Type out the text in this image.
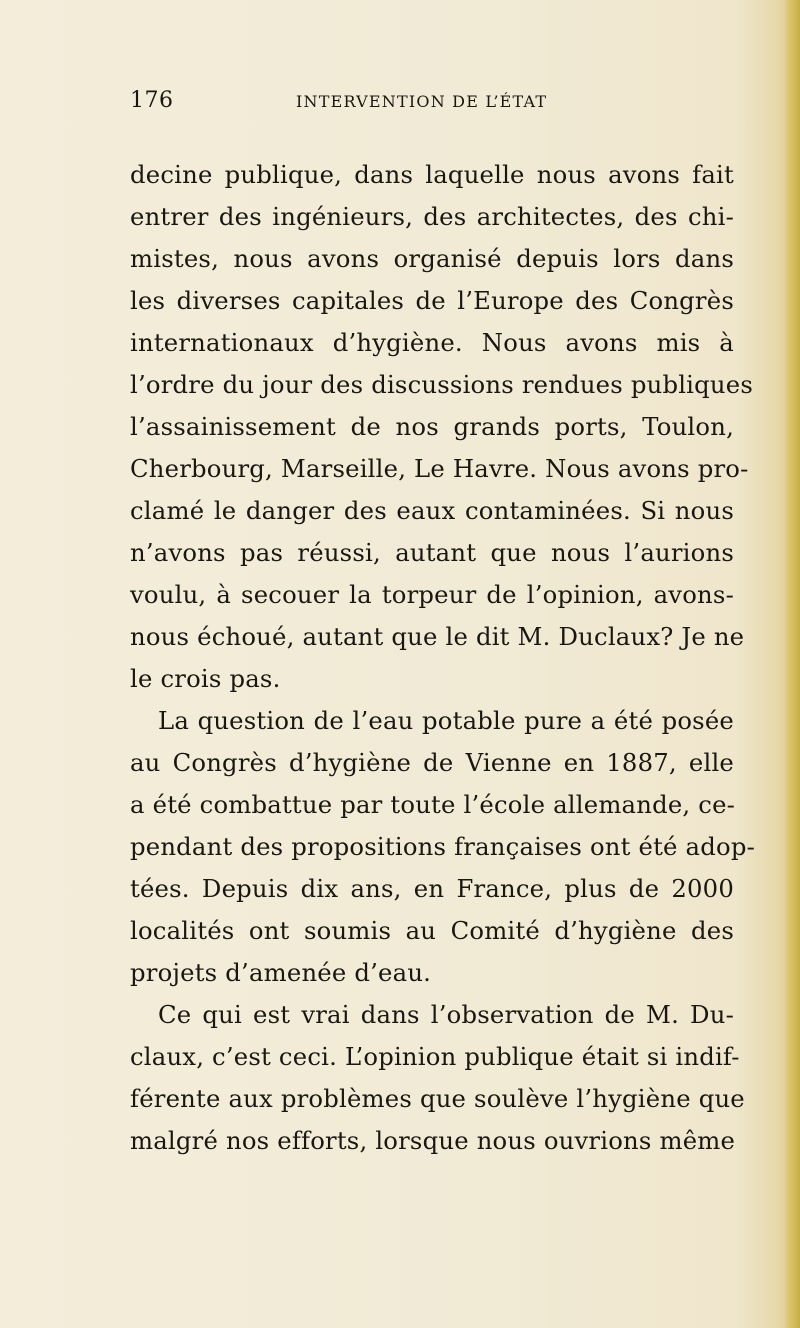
176	INTERVENTION DE L’ÉTAT
decine publique, dans laquelle nous avons fait
entrer des ingénieurs, des architectes, des chi-
mistes, nous avons organisé depuis lors dans
les diverses capitales de l’Europe des Congrès
internationaux d’hygiène. Nous avons mis à
l’ordre du jour des discussions rendues publiques
l’assainissement de nos grands ports, Toulon,
Cherbourg, Marseille, Le Havre. Nous avons pro-
clamé le danger des eaux contaminées. Si nous
n’avons pas réussi, autant que nous l’aurions
voulu, à secouer la torpeur de l’opinion, avons-
nous échoué, autant que le dit M. Duclaux? Je ne
le crois pas.
La question de l’eau potable pure a été posée
au Congrès d’hygiène de Vienne en 1887, elle
a été combattue par toute l’école allemande, ce-
pendant des propositions françaises ont été adop-
tées. Depuis dix ans, en France, plus de 2000
localités ont soumis au Comité d’hygiène des
projets d’amenée d’eau.
Ce qui est vrai dans l’observation de M. Du-
claux, c’est ceci. L’opinion publique était si indif-
férente aux problèmes que soulève l’hygiène que
malgré nos efforts, lorsque nous ouvrions même
